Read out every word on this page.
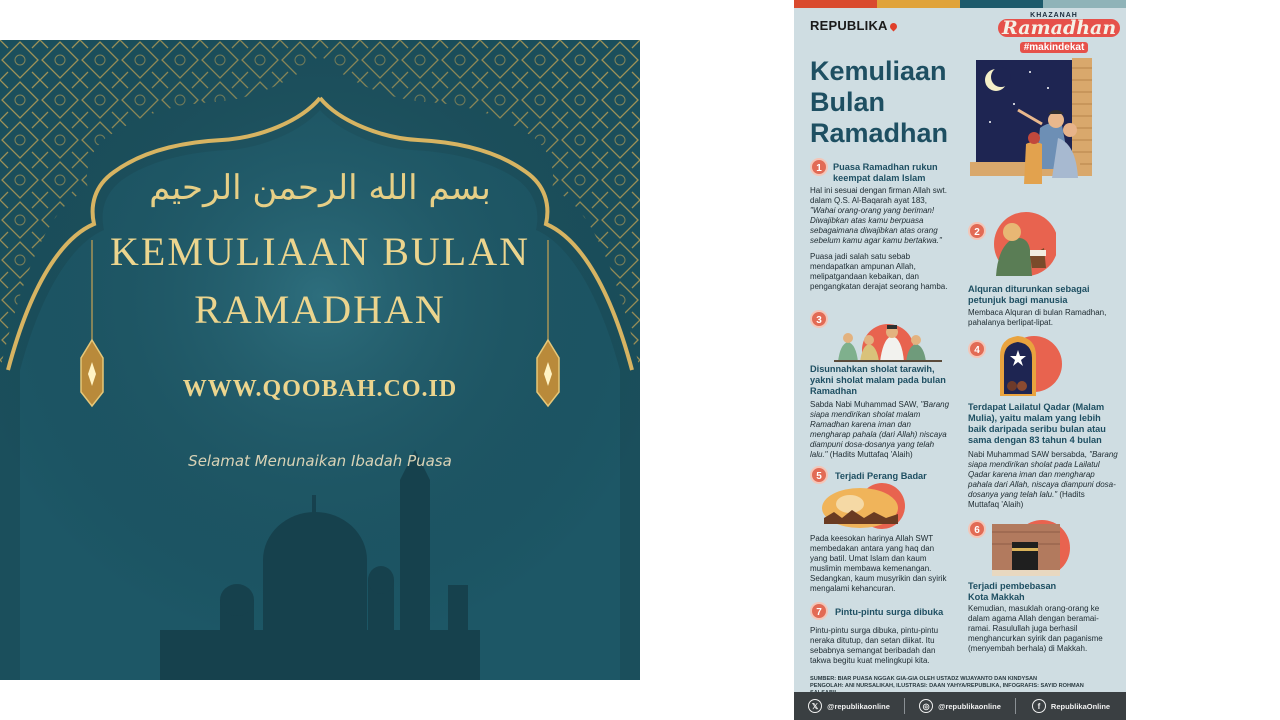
بسم الله الرحمن الرحيم
KEMULIAAN BULAN
RAMADHAN
WWW.QOOBAH.CO.ID
Selamat Menunaikan Ibadah Puasa
REPUBLIKA
KHAZANAH
Ramadhan
#makindekat
Kemuliaan
Bulan
Ramadhan
1	Puasa Ramadhan rukun keempat dalam Islam
Hal ini sesuai dengan firman Allah swt. dalam Q.S. Al-Baqarah ayat 183, "Wahai orang-orang yang beriman! Diwajibkan atas kamu berpuasa sebagaimana diwajibkan atas orang sebelum kamu agar kamu bertakwa."
Puasa jadi salah satu sebab mendapatkan ampunan Allah, melipatgandaan kebaikan, dan pengangkatan derajat seorang hamba.
2
Alquran diturunkan sebagai petunjuk bagi manusia
Membaca Alquran di bulan Ramadhan, pahalanya berlipat-lipat.
3
Disunnahkan sholat tarawih, yakni sholat malam pada bulan Ramadhan
Sabda Nabi Muhammad SAW, "Barang siapa mendirikan sholat malam Ramadhan karena iman dan mengharap pahala (dari Allah) niscaya diampuni dosa-dosanya yang telah lalu." (Hadits Muttafaq 'Alaih)
4
Terdapat Lailatul Qadar (Malam Mulia), yaitu malam yang lebih baik daripada seribu bulan atau sama dengan 83 tahun 4 bulan
Nabi Muhammad SAW bersabda, "Barang siapa mendirikan sholat pada Lailatul Qadar karena iman dan mengharap pahala dari Allah, niscaya diampuni dosa-dosanya yang telah lalu." (Hadits Muttafaq 'Alaih)
5	Terjadi Perang Badar
Pada keesokan harinya Allah SWT membedakan antara yang haq dan yang batil. Umat Islam dan kaum muslimin membawa kemenangan. Sedangkan, kaum musyrikin dan syirik mengalami kehancuran.
6
Terjadi pembebasan Kota Makkah
Kemudian, masuklah orang-orang ke dalam agama Allah dengan beramai-ramai. Rasulullah juga berhasil menghancurkan syirik dan paganisme (menyembah berhala) di Makkah.
7	Pintu-pintu surga dibuka
Pintu-pintu surga dibuka, pintu-pintu neraka ditutup, dan setan diikat. Itu sebabnya semangat beribadah dan takwa begitu kuat melingkupi kita.
SUMBER: BIAR PUASA NGGAK GIA-GIA OLEH USTADZ WIJAYANTO DAN KINDYSAN
PENGOLAH: ANI NURSALIKAH, ILUSTRASI: DAAN YAHYA/REPUBLIKA, INFOGRAFIS: SAYID ROHMAN
𝕏	@republikaonline	◎	@republikaonline	f	RepublikaOnline
